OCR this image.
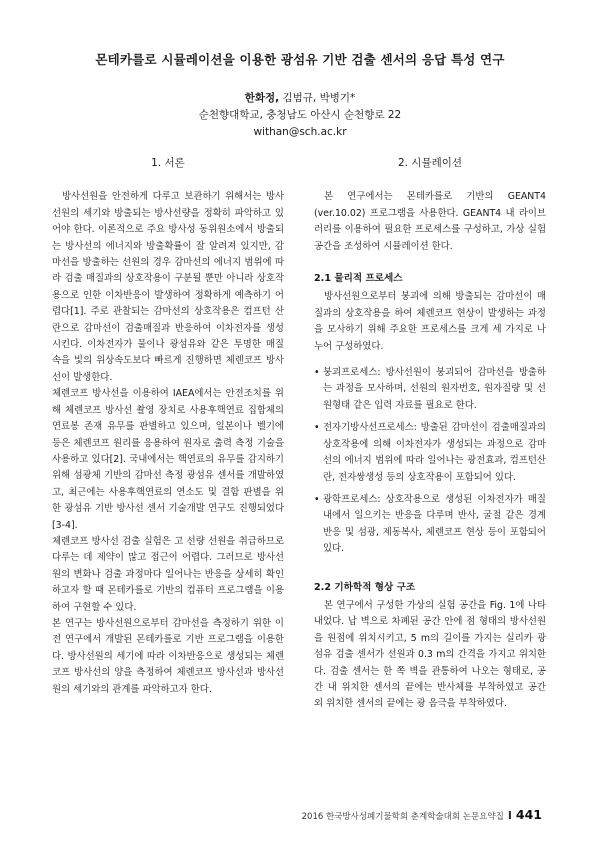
몬테카를로 시뮬레이션을 이용한 광섬유 기반 검출 센서의 응답 특성 연구
한화정, 김범규, 박병기*
순천향대학교, 충청남도 아산시 순천향로 22
withan@sch.ac.kr
1. 서론

방사선원을 안전하게 다루고 보관하기 위해서는 방사선원의 세기와 방출되는 방사선량을 정확히 파악하고 있어야 한다. 이론적으로 주요 방사성 동위원소에서 방출되는 방사선의 에너지와 방출확률이 잘 알려져 있지만, 감마선을 방출하는 선원의 경우 감마선의 에너지 범위에 따라 검출 매질과의 상호작용이 구분될 뿐만 아니라 상호작용으로 인한 이차반응이 발생하여 정확하게 예측하기 어렵다[1]. 주로 관찰되는 감마선의 상호작용은 컴프턴 산란으로 감마선이 검출매질과 반응하여 이차전자를 생성시킨다. 이차전자가 물이나 광섬유와 같은 투명한 매질 속을 빛의 위상속도보다 빠르게 진행하면 체렌코프 방사선이 발생한다.

체렌코프 방사선을 이용하여 IAEA에서는 안전조치를 위해 체렌코프 방사선 촬영 장치로 사용후핵연료 집합체의 연료봉 존재 유무를 판별하고 있으며, 일본이나 벨기에 등은 체렌코프 원리를 응용하여 원자로 출력 측정 기술을 사용하고 있다[2]. 국내에서는 핵연료의 유무를 감지하기 위해 섬광체 기반의 감마선 측정 광섬유 센서를 개발하였고, 최근에는 사용후핵연료의 연소도 및 결함 판별을 위한 광섬유 기반 방사선 센서 기술개발 연구도 진행되었다[3-4].

체렌코프 방사선 검출 실험은 고 선량 선원을 취급하므로 다루는 데 제약이 많고 접근이 어렵다. 그러므로 방사선원의 변화나 검출 과정마다 일어나는 반응을 상세히 확인하고자 할 때 몬테카를로 기반의 컴퓨터 프로그램을 이용하여 구현할 수 있다.

본 연구는 방사선원으로부터 감마선을 측정하기 위한 이전 연구에서 개발된 몬테카를로 기반 프로그램을 이용한다. 방사선원의 세기에 따라 이차반응으로 생성되는 체렌코프 방사선의 양을 측정하여 체렌코프 방사선과 방사선원의 세기와의 관계를 파악하고자 한다.

2. 시뮬레이션

본 연구에서는 몬테카를로 기반의 GEANT4 (ver.10.02) 프로그램을 사용한다. GEANT4 내 라이브러리를 이용하여 필요한 프로세스를 구성하고, 가상 실험 공간을 조성하여 시뮬레이션 한다.

2.1 물리적 프로세스

방사선원으로부터 붕괴에 의해 방출되는 감마선이 매질과의 상호작용을 하여 체렌코프 현상이 발생하는 과정을 모사하기 위해 주요한 프로세스를 크게 세 가지로 나누어 구성하였다.

• 붕괴프로세스: 방사선원이 붕괴되어 감마선을 방출하는 과정을 모사하며, 선원의 원자번호, 원자질량 및 선원형태 같은 입력 자료를 필요로 한다.
• 전자기방사선프로세스: 방출된 감마선이 검출매질과의 상호작용에 의해 이차전자가 생성되는 과정으로 감마선의 에너지 범위에 따라 일어나는 광전효과, 컴프턴산란, 전자쌍생성 등의 상호작용이 포함되어 있다.
• 광학프로세스: 상호작용으로 생성된 이차전자가 매질 내에서 일으키는 반응을 다루며 반사, 굴절 같은 경계 반응 및 섬광, 제동복사, 체렌코프 현상 등이 포함되어 있다.
2.2 기하학적 형상 구조

본 연구에서 구성한 가상의 실험 공간을 Fig. 1에 나타내었다. 납 벽으로 차폐된 공간 안에 점 형태의 방사선원을 원점에 위치시키고, 5 m의 길이를 가지는 실리카 광섬유 검출 센서가 선원과 0.3 m의 간격을 가지고 위치한다. 검출 센서는 한 쪽 벽을 관통하여 나오는 형태로, 공간 내 위치한 센서의 끝에는 반사체를 부착하였고 공간 외 위치한 센서의 끝에는 광 음극을 부착하였다.

2016 한국방사성폐기물학회 춘계학술대회 논문요약집 I 441
